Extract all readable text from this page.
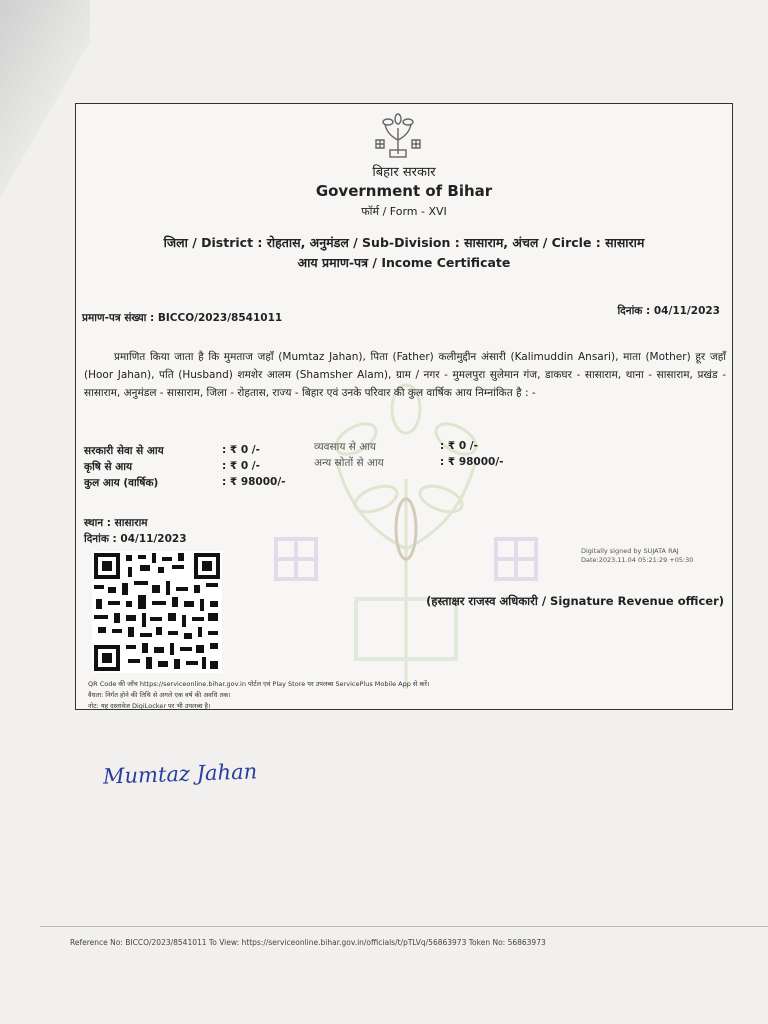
बिहार सरकार
Government of Bihar
फॉर्म / Form - XVI
जिला / District : रोहतास, अनुमंडल / Sub-Division : सासाराम, अंचल / Circle : सासाराम
आय प्रमाण-पत्र / Income Certificate
प्रमाण-पत्र संख्या : BICCO/2023/8541011
दिनांक : 04/11/2023
प्रमाणित किया जाता है कि मुमताज जहाँ (Mumtaz Jahan), पिता (Father) कलीमुद्दीन अंसारी (Kalimuddin Ansari), माता (Mother) हूर जहाँ (Hoor Jahan), पति (Husband) शमशेर आलम (Shamsher Alam), ग्राम / नगर - मुमलपुरा सुलेमान गंज, डाकघर - सासाराम, थाना - सासाराम, प्रखंड - सासाराम, अनुमंडल - सासाराम, जिला - रोहतास, राज्य - बिहार एवं उनके परिवार की कुल वार्षिक आय निम्नांकित है : -
सरकारी सेवा से आय	: ₹ 0 /-
कृषि से आय	: ₹ 0 /-
कुल आय (वार्षिक)	: ₹ 98000/-
व्यवसाय से आय	: ₹ 0 /-
अन्य स्रोतों से आय	: ₹ 98000/-
स्थान : सासाराम
दिनांक : 04/11/2023
Digitally signed by SUJATA RAJ
Date:2023.11.04 05:21:29 +05:30
(हस्ताक्षर राजस्व अधिकारी / Signature Revenue officer)
QR Code की जाँच https://serviceonline.bihar.gov.in पोर्टल एवं Play Store पर उपलब्ध ServicePlus Mobile App से करें।
वैधता: निर्गत होने की तिथि से अगले एक वर्ष की अवधि तक।
नोट: यह दस्तावेज DigiLocker पर भी उपलब्ध है।
Mumtaz Jahan
Reference No: BICCO/2023/8541011 To View: https://serviceonline.bihar.gov.in/officials/t/pTLVq/56863973 Token No: 56863973
